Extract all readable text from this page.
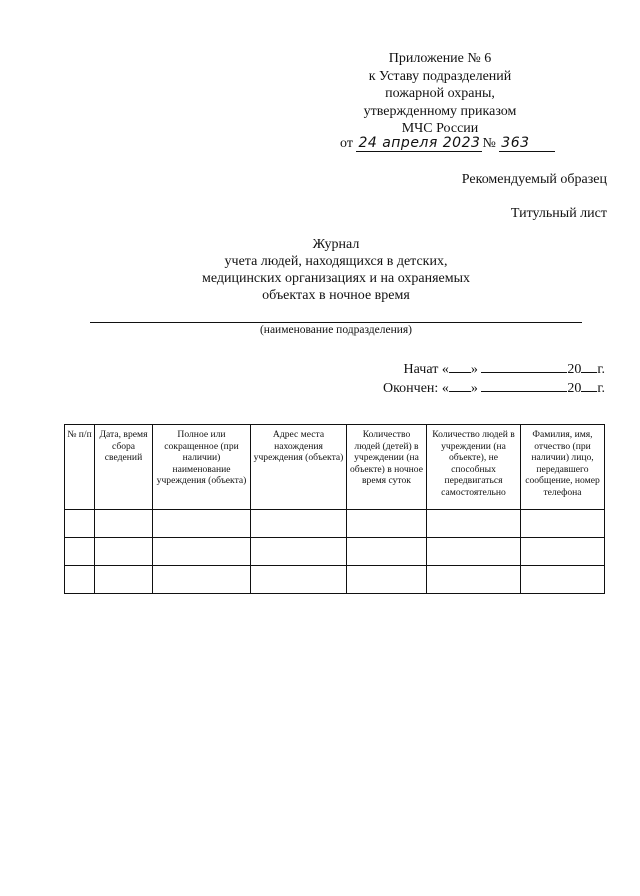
Приложение № 6
к Уставу подразделений
пожарной охраны,
утвержденному приказом
МЧС России
от 24 апреля 2023 № 363
Рекомендуемый образец
Титульный лист
Журнал
учета людей, находящихся в детских,
медицинских организациях и на охраняемых
объектах в ночное время
(наименование подразделения)
Начат « »	20 г.
Окончен: « »	20 г.
№ п/п	Дата, время сбора сведений	Полное или сокращенное (при наличии) наименование учреждения (объекта)	Адрес места нахождения учреждения (объекта)	Количество людей (детей) в учреждении (на объекте) в ночное время суток	Количество людей в учреждении (на объекте), не способных передвигаться самостоятельно	Фамилия, имя, отчество (при наличии) лицо, передавшего сообщение, номер телефона
